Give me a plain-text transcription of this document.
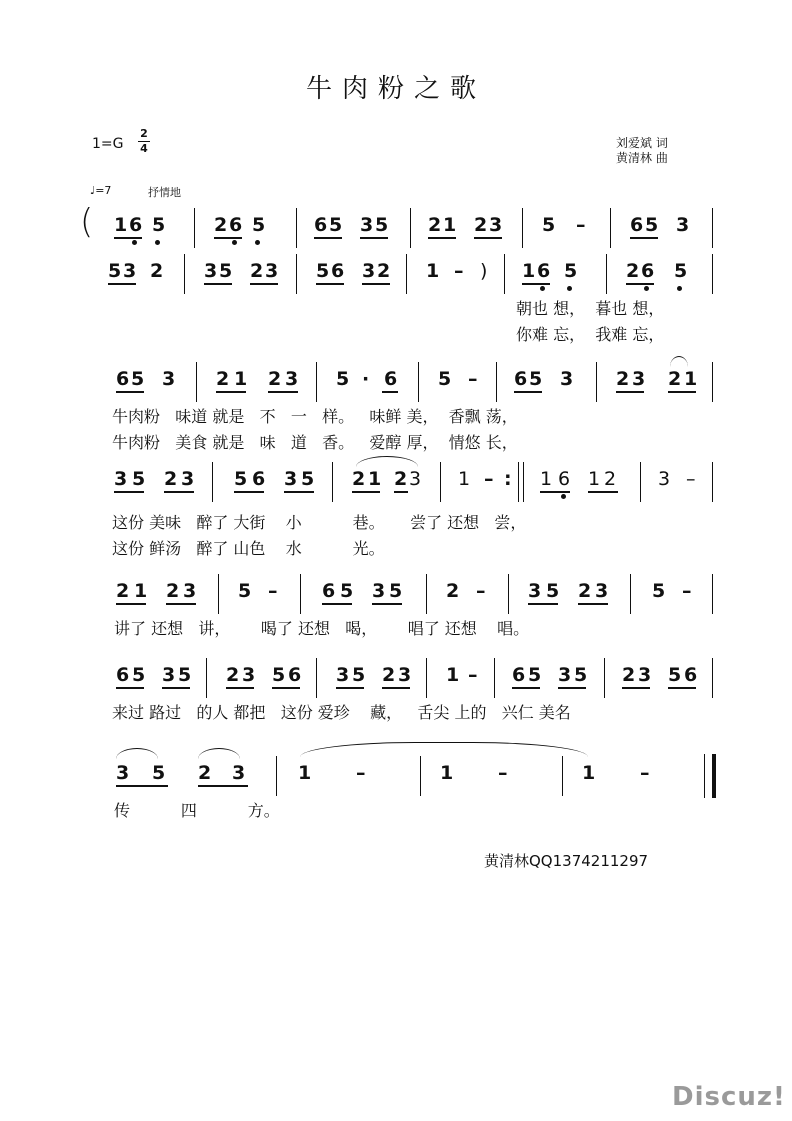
牛肉粉之歌
1=G
2
4	刘爱斌 词
黄清林 曲
♩=7	抒情地
( 1 6 5	2 6 5	6 5 3 5 2 1 2 3 5 – 6 5 3
5 3 2 3 5 2 3 5 6 3 2 1 – ) 1 6 5	2 6 5
朝也 想，  暮也 想，
你难 忘，  我难 忘，
6 5 3 2 1 2 3 5 · 6 5 – 6 5 3 2 3 2 1
牛肉粉   味道 就是   不   一   样。   味鲜 美，  香飘 荡，
牛肉粉   美食 就是   味   道   香。   爱醇 厚，  情悠 长，
3 5 2 3 5 6 3 5 2 1 2 3 1 – : 1 6 1 2 3 –
这份 美味   醉了 大街    小          巷。     尝了 还想   尝，
这份 鲜汤   醉了 山色    水          光。
2 1 2 3 5 – 6 5 3 5 2 – 3 5 2 3 5 –
讲了 还想   讲，      喝了 还想   喝，      唱了 还想    唱。
6 5 3 5 2 3 5 6 3 5 2 3 1 – 6 5 3 5 2 3 5 6
来过 路过   的人 都把   这份 爱珍    藏，   舌尖 上的   兴仁 美名
3 5 2 3	1 –	1 –	1 –
传          四          方。
黄清林QQ1374211297
Discuz!
